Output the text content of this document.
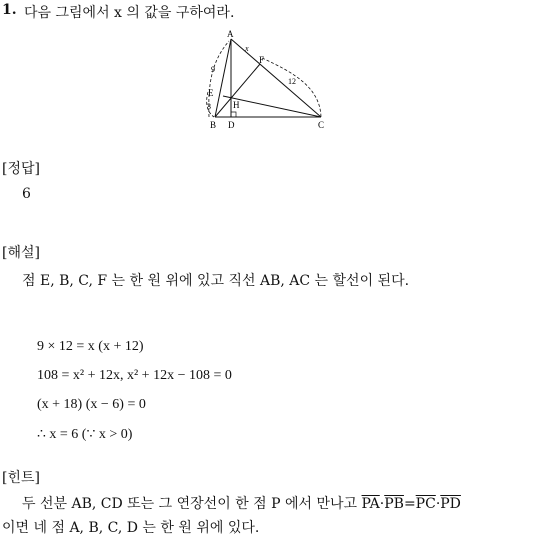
1. 다음 그림에서 x 의 값을 구하여라.
A
B D	C
E
F
H
x
12
9
3
[정답]
6
[해설]
점 E, B, C, F 는 한 원 위에 있고 직선 AB, AC 는 할선이 된다.
9 × 12 = x (x + 12)
108 = x² + 12x, x² + 12x − 108 = 0
(x + 18) (x − 6) = 0
∴ x = 6 (∵ x > 0)
[힌트]
두 선분 AB, CD 또는 그 연장선이 한 점 P 에서 만나고 $\overline{PA}\cdot\overline{PB}=\overline{PC}\cdot\overline{PD}$
이면 네 점 A, B, C, D 는 한 원 위에 있다.
